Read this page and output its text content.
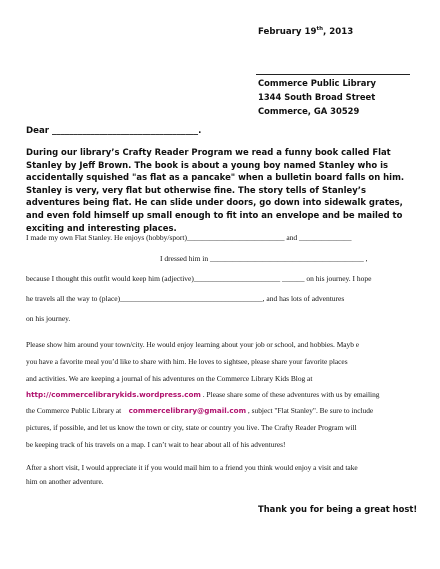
February 19th, 2013
Commerce Public Library
1344 South Broad Street
Commerce, GA 30529
Dear __________________________________.
During our library’s Crafty Reader Program we read a funny book called Flat Stanley by Jeff Brown. The book is about a young boy named Stanley who is accidentally squished "as flat as a pancake" when a bulletin board falls on him. Stanley is very, very flat but otherwise fine. The story tells of Stanley’s adventures being flat. He can slide under doors, go down into sidewalk grates, and even fold himself up small enough to fit into an envelope and be mailed to exciting and interesting places.
I made my own Flat Stanley. He enjoys (hobby/sport)__________________________ and ______________
I dressed him in _________________________________________ ,
because I thought this outfit would keep him (adjective)_______________________ ______ on his journey. I hope
he travels all the way to (place)______________________________________, and has lots of adventures
on his journey.
Please show him around your town/city. He would enjoy learning about your job or school, and hobbies. Mayb e
you have a favorite meal you’d like to share with him. He loves to sightsee, please share your favorite places
and activities. We are keeping a journal of his adventures on the Commerce Library Kids Blog at
http://commercelibrarykids.wordpress.com . Please share some of these adventures with us by emailing
the Commerce Public Library at commercelibrary@gmail.com , subject "Flat Stanley". Be sure to include
pictures, if possible, and let us know the town or city, state or country you live. The Crafty Reader Program will
be keeping track of his travels on a map. I can’t wait to hear about all of his adventures!
After a short visit, I would appreciate it if you would mail him to a friend you think would enjoy a visit and take
him on another adventure.
Thank you for being a great host!
